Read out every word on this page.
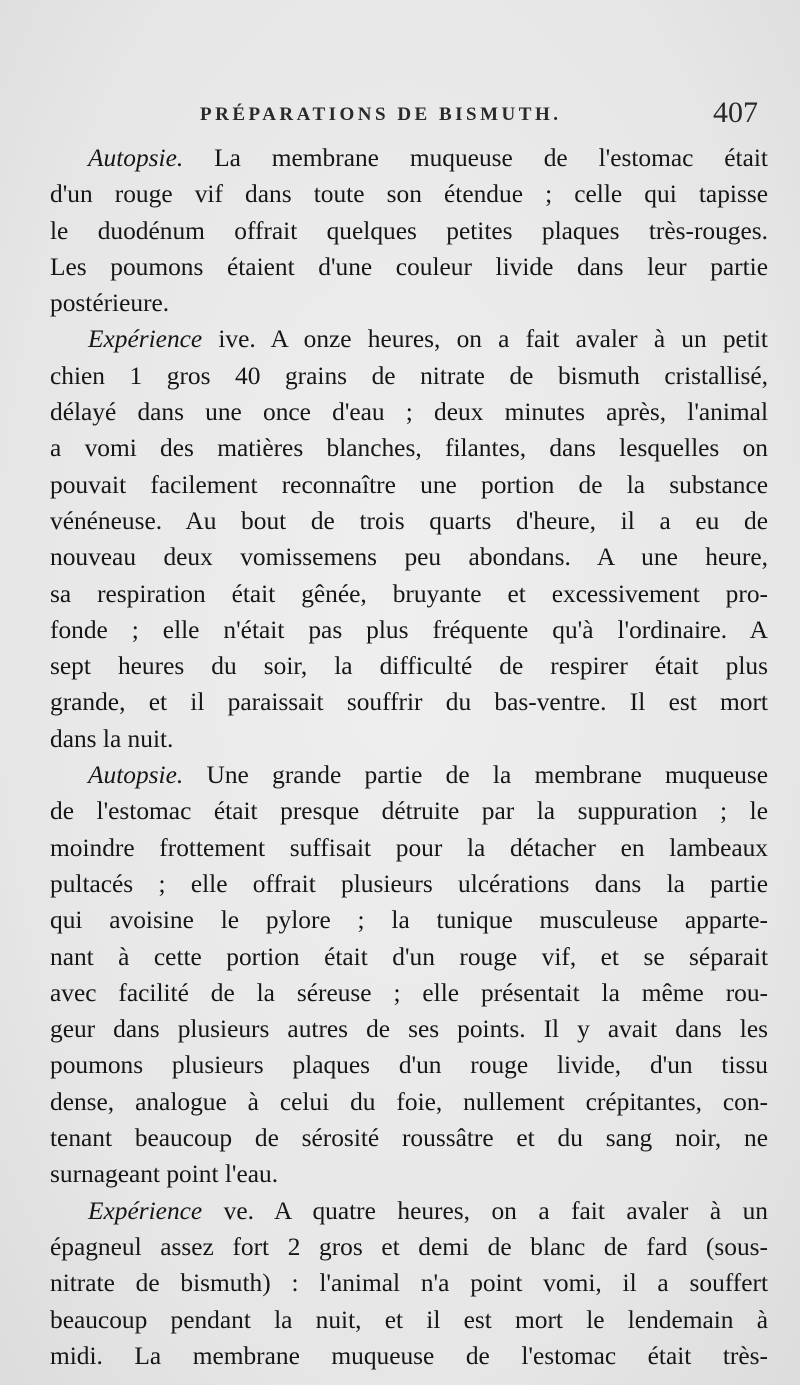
PRÉPARATIONS DE BISMUTH.	407
Autopsie. La membrane muqueuse de l'estomac était
d'un rouge vif dans toute son étendue ; celle qui tapisse
le duodénum offrait quelques petites plaques très-rouges.
Les poumons étaient d'une couleur livide dans leur partie
postérieure.
Expérience ive. A onze heures, on a fait avaler à un petit
chien 1 gros 40 grains de nitrate de bismuth cristallisé,
délayé dans une once d'eau ; deux minutes après, l'animal
a vomi des matières blanches, filantes, dans lesquelles on
pouvait facilement reconnaître une portion de la substance
vénéneuse. Au bout de trois quarts d'heure, il a eu de
nouveau deux vomissemens peu abondans. A une heure,
sa respiration était gênée, bruyante et excessivement pro-
fonde ; elle n'était pas plus fréquente qu'à l'ordinaire. A
sept heures du soir, la difficulté de respirer était plus
grande, et il paraissait souffrir du bas-ventre. Il est mort
dans la nuit.
Autopsie. Une grande partie de la membrane muqueuse
de l'estomac était presque détruite par la suppuration ; le
moindre frottement suffisait pour la détacher en lambeaux
pultacés ; elle offrait plusieurs ulcérations dans la partie
qui avoisine le pylore ; la tunique musculeuse apparte-
nant à cette portion était d'un rouge vif, et se séparait
avec facilité de la séreuse ; elle présentait la même rou-
geur dans plusieurs autres de ses points. Il y avait dans les
poumons plusieurs plaques d'un rouge livide, d'un tissu
dense, analogue à celui du foie, nullement crépitantes, con-
tenant beaucoup de sérosité roussâtre et du sang noir, ne
surnageant point l'eau.
Expérience ve. A quatre heures, on a fait avaler à un
épagneul assez fort 2 gros et demi de blanc de fard (sous-
nitrate de bismuth) : l'animal n'a point vomi, il a souffert
beaucoup pendant la nuit, et il est mort le lendemain à
midi. La membrane muqueuse de l'estomac était très-
